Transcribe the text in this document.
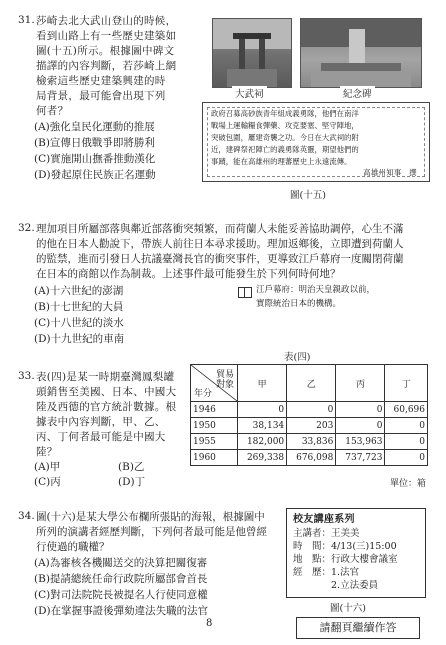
31. 莎崎去北大武山登山的時候，
看到山路上有一些歷史建築如
圖(十五)所示。根據圖中碑文
描譯的內容判斷，若莎崎上網
檢索這些歷史建築興建的時
局背景，最可能會出現下列
何者？
(A)強化皇民化運動的推展
(B)宣傳日俄戰爭即將勝利
(C)實施開山撫番推動漢化
(D)發起原住民族正名運動
大武祠	紀念碑
政府召募高砂族青年組成義勇隊，他們在南洋
戰場上運輸糧食彈藥、攻克要塞、堅守陣地，
突破包圍，屢建奇襲之功。今日在大武祠的附
近，建碑祭祀陣亡的義勇隊英靈，期望他們的
事蹟，能在高雄州的理蕃歷史上永遠流傳。
高雄州知事　撰
圖(十五)
32. 理加項目所屬部落與鄰近部落衝突頻繁，而荷蘭人未能妥善協助調停，心生不滿
的他在日本人勸說下，帶族人前往日本尋求援助。理加返鄉後，立即遭到荷蘭人
的監禁，進而引發日人抗議臺灣長官的衝突事件，更導致江戶幕府一度關閉荷蘭
在日本的商館以作為制裁。上述事件最可能發生於下列何時何地？
(A)十六世紀的澎湖
(B)十七世紀的大員
(C)十八世紀的淡水
(D)十九世紀的車南
江戶幕府：明治天皇親政以前，
實際統治日本的機構。
33. 表(四)是某一時期臺灣鳳梨罐
頭銷售至美國、日本、中國大
陸及西德的官方統計數據。根
據表中內容判斷，甲、乙、
丙、丁何者最可能是中國大
陸？
(A)甲	(B)乙
(C)丙	(D)丁
表(四)
貿易
對象
年分	甲	乙	丙	丁
1946	0	0	0	60,696
1950	38,134	203	0	0
1955	182,000	33,836	153,963	0
1960	269,338	676,098	737,723	0
單位：箱
34. 圖(十六)是某大學公布欄所張貼的海報，根據圖中
所列的演講者經歷判斷，下列何者最可能是他曾經
行使過的職權？
(A)為審核各機關送交的決算把關復審
(B)提請總統任命行政院所屬部會首長
(C)對司法院院長被提名人行使同意權
(D)在掌握事證後彈劾違法失職的法官
校友講座系列
主講者：王美美
時　間：4/13(三)15:00
地　點：行政大樓會議室
經　歷：1.法官
　　　　2.立法委員
圖(十六)
8	請翻頁繼續作答
